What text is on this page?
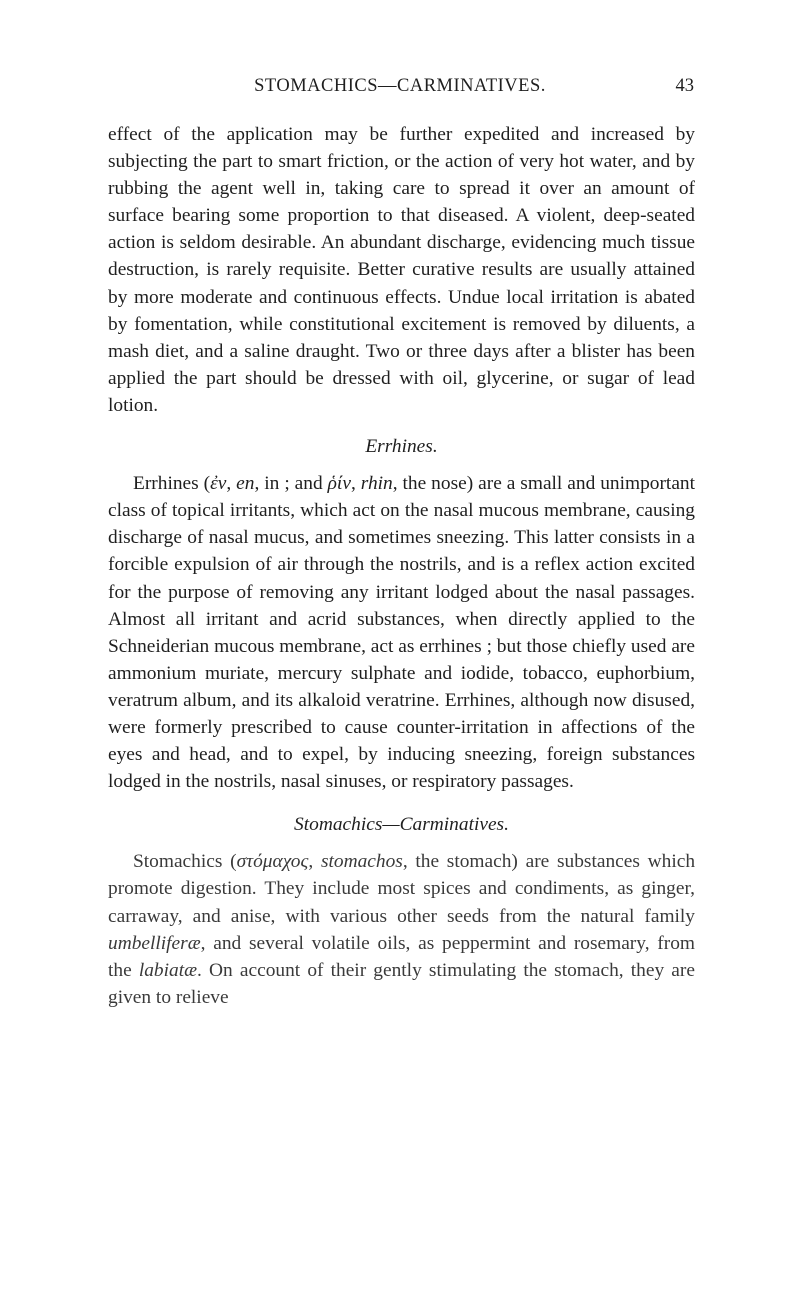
STOMACHICS—CARMINATIVES.	43

effect of the application may be further expedited and increased by subjecting the part to smart friction, or the action of very hot water, and by rubbing the agent well in, taking care to spread it over an amount of surface bearing some proportion to that diseased. A violent, deep-seated action is seldom desirable. An abundant discharge, evidencing much tissue destruction, is rarely requisite. Better curative results are usually attained by more moderate and continuous effects. Undue local irritation is abated by fomentation, while constitutional excitement is removed by diluents, a mash diet, and a saline draught. Two or three days after a blister has been applied the part should be dressed with oil, glycerine, or sugar of lead lotion.

Errhines.

Errhines (ἐν, en, in ; and ῥίν, rhin, the nose) are a small and unimportant class of topical irritants, which act on the nasal mucous membrane, causing discharge of nasal mucus, and sometimes sneezing. This latter consists in a forcible expulsion of air through the nostrils, and is a reflex action excited for the purpose of removing any irritant lodged about the nasal passages. Almost all irritant and acrid substances, when directly applied to the Schneiderian mucous membrane, act as errhines ; but those chiefly used are ammonium muriate, mercury sulphate and iodide, tobacco, euphorbium, veratrum album, and its alkaloid veratrine. Errhines, although now disused, were formerly prescribed to cause counter-irritation in affections of the eyes and head, and to expel, by inducing sneezing, foreign substances lodged in the nostrils, nasal sinuses, or respiratory passages.

Stomachics—Carminatives.

Stomachics (στόμαχος, stomachos, the stomach) are substances which promote digestion. They include most spices and condiments, as ginger, carraway, and anise, with various other seeds from the natural family umbelliferæ, and several volatile oils, as peppermint and rosemary, from the labiatæ. On account of their gently stimulating the stomach, they are given to relieve
